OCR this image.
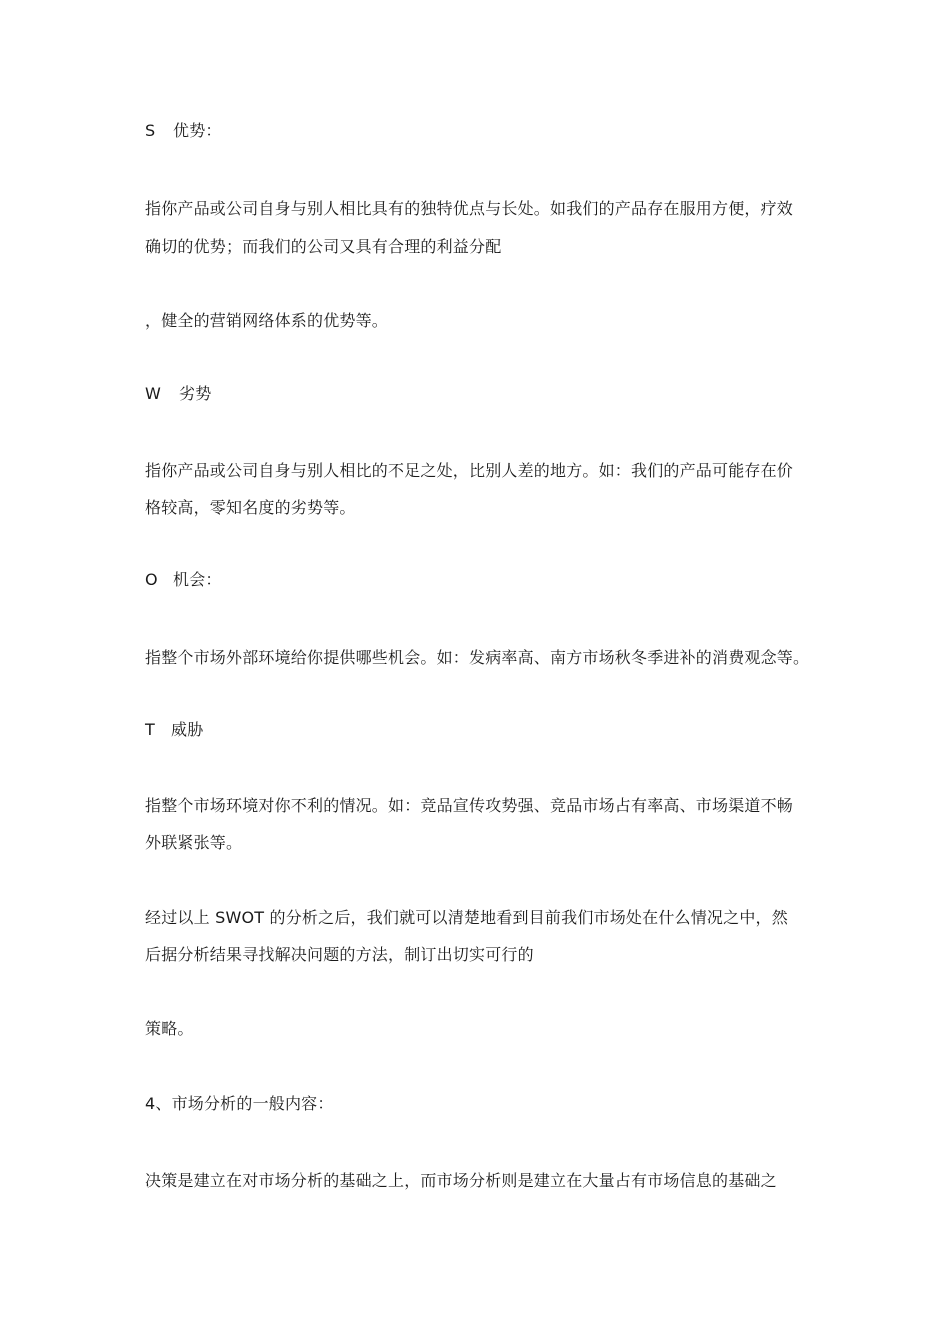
S 优势：
指你产品或公司自身与别人相比具有的独特优点与长处。如我们的产品存在服用方便，疗效
确切的优势；而我们的公司又具有合理的利益分配
，健全的营销网络体系的优势等。
W 劣势
指你产品或公司自身与别人相比的不足之处，比别人差的地方。如：我们的产品可能存在价
格较高，零知名度的劣势等。
O 机会：
指整个市场外部环境给你提供哪些机会。如：发病率高、南方市场秋冬季进补的消费观念等。
T 威胁
指整个市场环境对你不利的情况。如：竞品宣传攻势强、竞品市场占有率高、市场渠道不畅
外联紧张等。
经过以上 SWOT 的分析之后，我们就可以清楚地看到目前我们市场处在什么情况之中，然
后据分析结果寻找解决问题的方法，制订出切实可行的
策略。
4、市场分析的一般内容：
决策是建立在对市场分析的基础之上，而市场分析则是建立在大量占有市场信息的基础之
